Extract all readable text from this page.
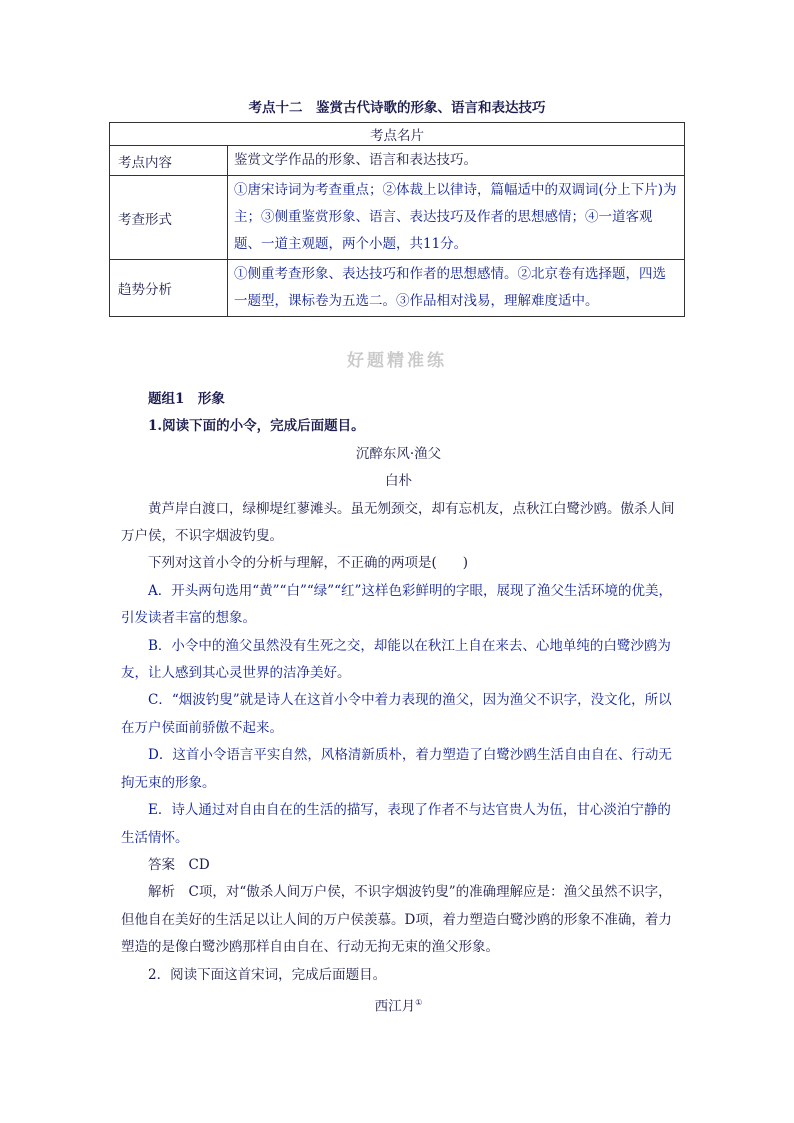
考点十二　鉴赏古代诗歌的形象、语言和表达技巧
考点名片	
考点内容	鉴赏文学作品的形象、语言和表达技巧。
考查形式	①唐宋诗词为考查重点；②体裁上以律诗，篇幅适中的双调词(分上下片)为主；③侧重鉴赏形象、语言、表达技巧及作者的思想感情；④一道客观题、一道主观题，两个小题，共11分。
趋势分析	①侧重考查形象、表达技巧和作者的思想感情。②北京卷有选择题，四选一题型，课标卷为五选二。③作品相对浅易，理解难度适中。
好题精准练

题组1　形象

1.阅读下面的小令，完成后面题目。

沉醉东风·渔父

白朴

黄芦岸白渡口，绿柳堤红蓼滩头。虽无刎颈交，却有忘机友，点秋江白鹭沙鸥。傲杀人间万户侯，不识字烟波钓叟。

下列对这首小令的分析与理解，不正确的两项是( )

A．开头两句选用“黄”“白”“绿”“红”这样色彩鲜明的字眼，展现了渔父生活环境的优美，引发读者丰富的想象。

B．小令中的渔父虽然没有生死之交，却能以在秋江上自在来去、心地单纯的白鹭沙鸥为友，让人感到其心灵世界的洁净美好。

C．“烟波钓叟”就是诗人在这首小令中着力表现的渔父，因为渔父不识字，没文化，所以在万户侯面前骄傲不起来。

D．这首小令语言平实自然，风格清新质朴，着力塑造了白鹭沙鸥生活自由自在、行动无拘无束的形象。

E．诗人通过对自由自在的生活的描写，表现了作者不与达官贵人为伍，甘心淡泊宁静的生活情怀。

答案　 CD

解析　 C项，对“傲杀人间万户侯，不识字烟波钓叟”的准确理解应是：渔父虽然不识字，但他自在美好的生活足以让人间的万户侯羡慕。D项，着力塑造白鹭沙鸥的形象不准确，着力塑造的是像白鹭沙鸥那样自由自在、行动无拘无束的渔父形象。

2．阅读下面这首宋词，完成后面题目。

西江月①
